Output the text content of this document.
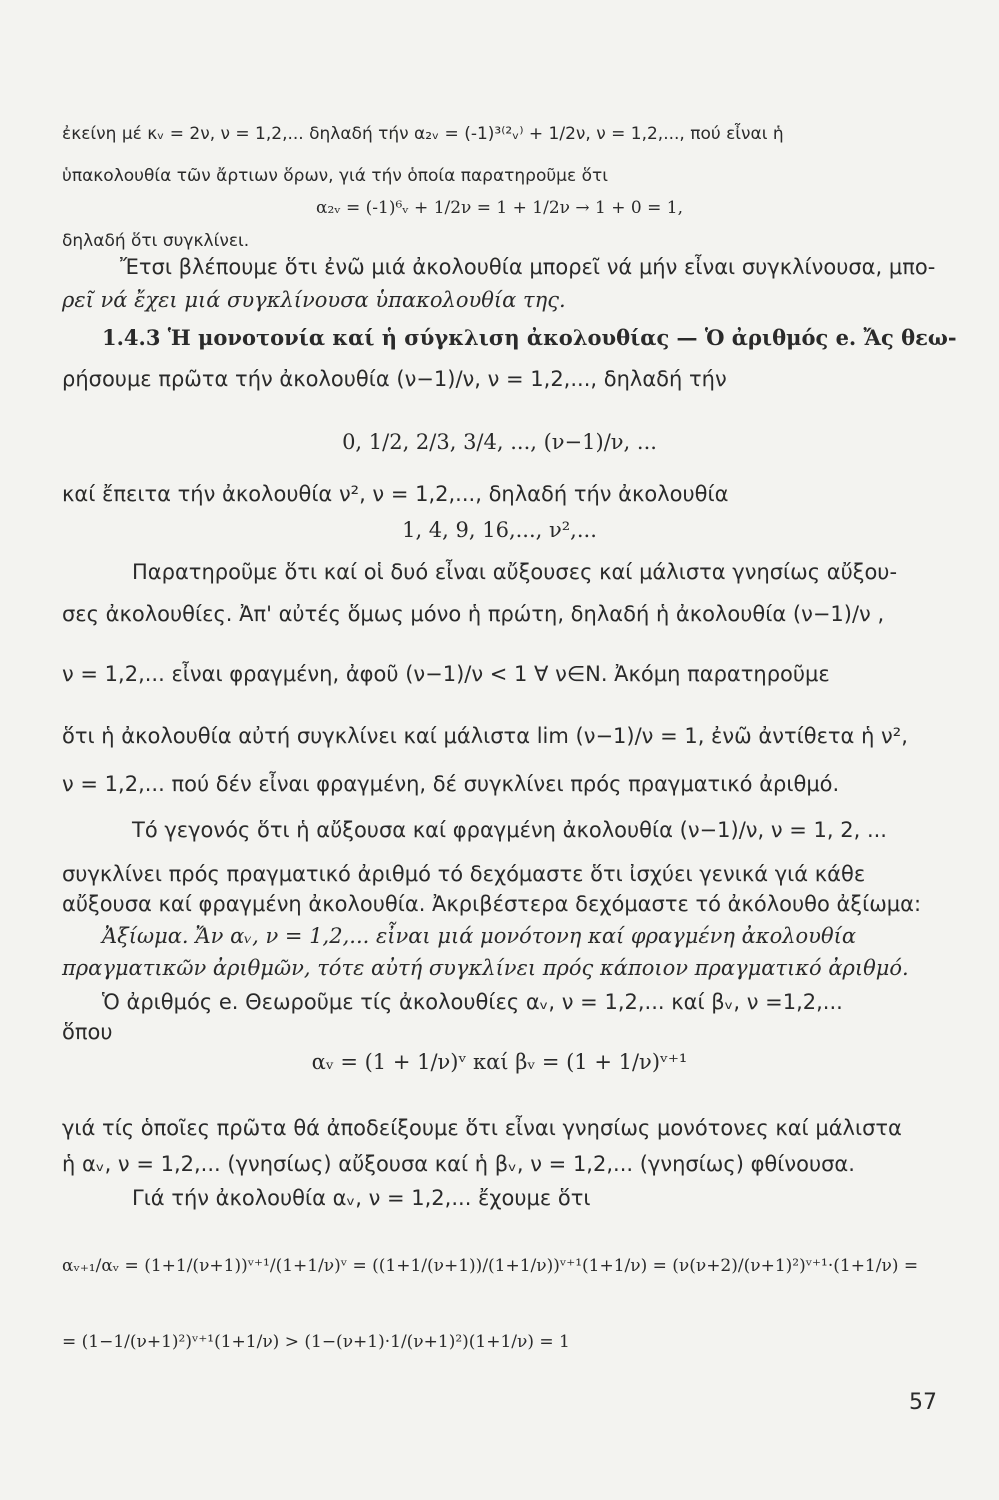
ἐκείνη μέ κᵥ = 2ν, ν = 1,2,... δηλαδή τήν α₂ᵥ = (-1)³⁽²ᵥ⁾ + 1/2ν, ν = 1,2,..., πού εἶναι ἡ
ὑπακολουθία τῶν ἄρτιων ὅρων, γιά τήν ὁποία παρατηροῦμε ὅτι
α₂ᵥ = (-1)⁶ᵥ + 1/2ν = 1 + 1/2ν → 1 + 0 = 1,
δηλαδή ὅτι συγκλίνει.
Ἔτσι βλέπουμε ὅτι ἐνῶ μιά ἀκολουθία μπορεῖ νά μήν εἶναι συγκλίνουσα, μπο-
ρεῖ νά ἔχει μιά συγκλίνουσα ὑπακολουθία της.
1.4.3 Ἡ μονοτονία καί ἡ σύγκλιση ἀκολουθίας — Ὁ ἀριθμός e. Ἄς θεω-
ρήσουμε πρῶτα τήν ἀκολουθία (ν−1)/ν, ν = 1,2,..., δηλαδή τήν
0, 1/2, 2/3, 3/4, ..., (ν−1)/ν, ...
καί ἔπειτα τήν ἀκολουθία ν², ν = 1,2,..., δηλαδή τήν ἀκολουθία
1, 4, 9, 16,..., ν²,...
Παρατηροῦμε ὅτι καί οἱ δυό εἶναι αὔξουσες καί μάλιστα γνησίως αὔξου-
σες ἀκολουθίες. Ἀπ' αὐτές ὅμως μόνο ἡ πρώτη, δηλαδή ἡ ἀκολουθία (ν−1)/ν ,
ν = 1,2,... εἶναι φραγμένη, ἀφοῦ (ν−1)/ν < 1 ∀ ν∈N. Ἀκόμη παρατηροῦμε
ὅτι ἡ ἀκολουθία αὐτή συγκλίνει καί μάλιστα lim (ν−1)/ν = 1, ἐνῶ ἀντίθετα ἡ ν²,
ν = 1,2,... πού δέν εἶναι φραγμένη, δέ συγκλίνει πρός πραγματικό ἀριθμό.
Τό γεγονός ὅτι ἡ αὔξουσα καί φραγμένη ἀκολουθία (ν−1)/ν, ν = 1, 2, ...
συγκλίνει πρός πραγματικό ἀριθμό τό δεχόμαστε ὅτι ἰσχύει γενικά γιά κάθε
αὔξουσα καί φραγμένη ἀκολουθία. Ἀκριβέστερα δεχόμαστε τό ἀκόλουθο ἀξίωμα:
Ἀξίωμα. Ἄν αᵥ, ν = 1,2,... εἶναι μιά μονότονη καί φραγμένη ἀκολουθία
πραγματικῶν ἀριθμῶν, τότε αὐτή συγκλίνει πρός κάποιον πραγματικό ἀριθμό.
Ὁ ἀριθμός e. Θεωροῦμε τίς ἀκολουθίες αᵥ, ν = 1,2,... καί βᵥ, ν =1,2,...
ὅπου
αᵥ = (1 + 1/ν)ᵛ καί βᵥ = (1 + 1/ν)ᵛ⁺¹
γιά τίς ὁποῖες πρῶτα θά ἀποδείξουμε ὅτι εἶναι γνησίως μονότονες καί μάλιστα
ἡ αᵥ, ν = 1,2,... (γνησίως) αὔξουσα καί ἡ βᵥ, ν = 1,2,... (γνησίως) φθίνουσα.
Γιά τήν ἀκολουθία αᵥ, ν = 1,2,... ἔχουμε ὅτι
αᵥ₊₁/αᵥ = (1+1/(ν+1))ᵛ⁺¹/(1+1/ν)ᵛ = ((1+1/(ν+1))/(1+1/ν))ᵛ⁺¹(1+1/ν) = (ν(ν+2)/(ν+1)²)ᵛ⁺¹·(1+1/ν) =
= (1−1/(ν+1)²)ᵛ⁺¹(1+1/ν) > (1−(ν+1)·1/(ν+1)²)(1+1/ν) = 1
57
